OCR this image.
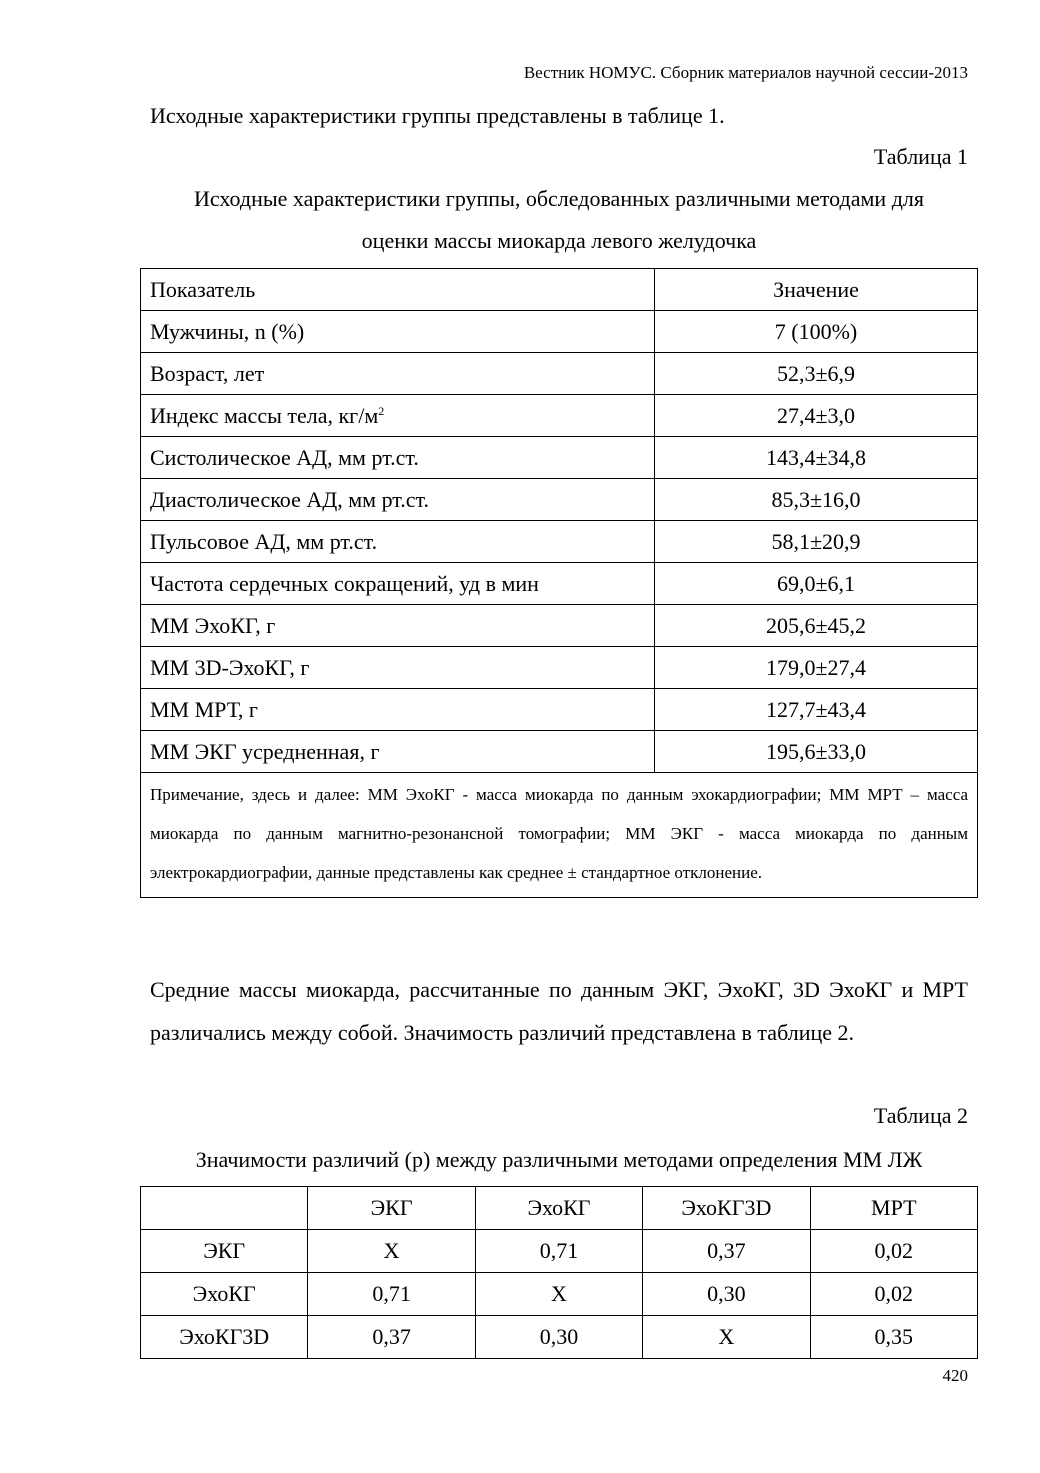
Вестник НОМУС. Сборник материалов научной сессии-2013

Исходные характеристики группы представлены в таблице 1.

Таблица 1
Исходные характеристики группы, обследованных различными методами для
оценки массы миокарда левого желудочка
Показатель	Значение
Мужчины, n (%)	7 (100%)
Возраст, лет	52,3±6,9
Индекс массы тела, $кг/м^2$	27,4±3,0
Систолическое АД, мм рт.ст.	143,4±34,8
Диастолическое АД, мм рт.ст.	85,3±16,0
Пульсовое АД, мм рт.ст.	58,1±20,9
Частота сердечных сокращений, уд в мин	69,0±6,1
ММ ЭхоКГ, г	205,6±45,2
ММ 3D-ЭхоКГ, г	179,0±27,4
ММ МРТ, г	127,7±43,4
ММ ЭКГ усредненная, г	195,6±33,0
Примечание, здесь и далее: ММ ЭхоКГ - масса миокарда по данным эхокардиографии; ММ МРТ – масса миокарда по данным магнитно-резонансной томографии; ММ ЭКГ - масса миокарда по данным электрокардиографии, данные представлены как среднее ± стандартное отклонение.	

Средние массы миокарда, рассчитанные по данным ЭКГ, ЭхоКГ, 3D ЭхоКГ и МРТ различались между собой. Значимость различий представлена в таблице 2.

Таблица 2
Значимости различий (р) между различными методами определения ММ ЛЖ
	ЭКГ	ЭхоКГ	ЭхоКГ3D	МРТ
ЭКГ	X	0,71	0,37	0,02
ЭхоКГ	0,71	X	0,30	0,02
ЭхоКГ3D	0,37	0,30	X	0,35
420
